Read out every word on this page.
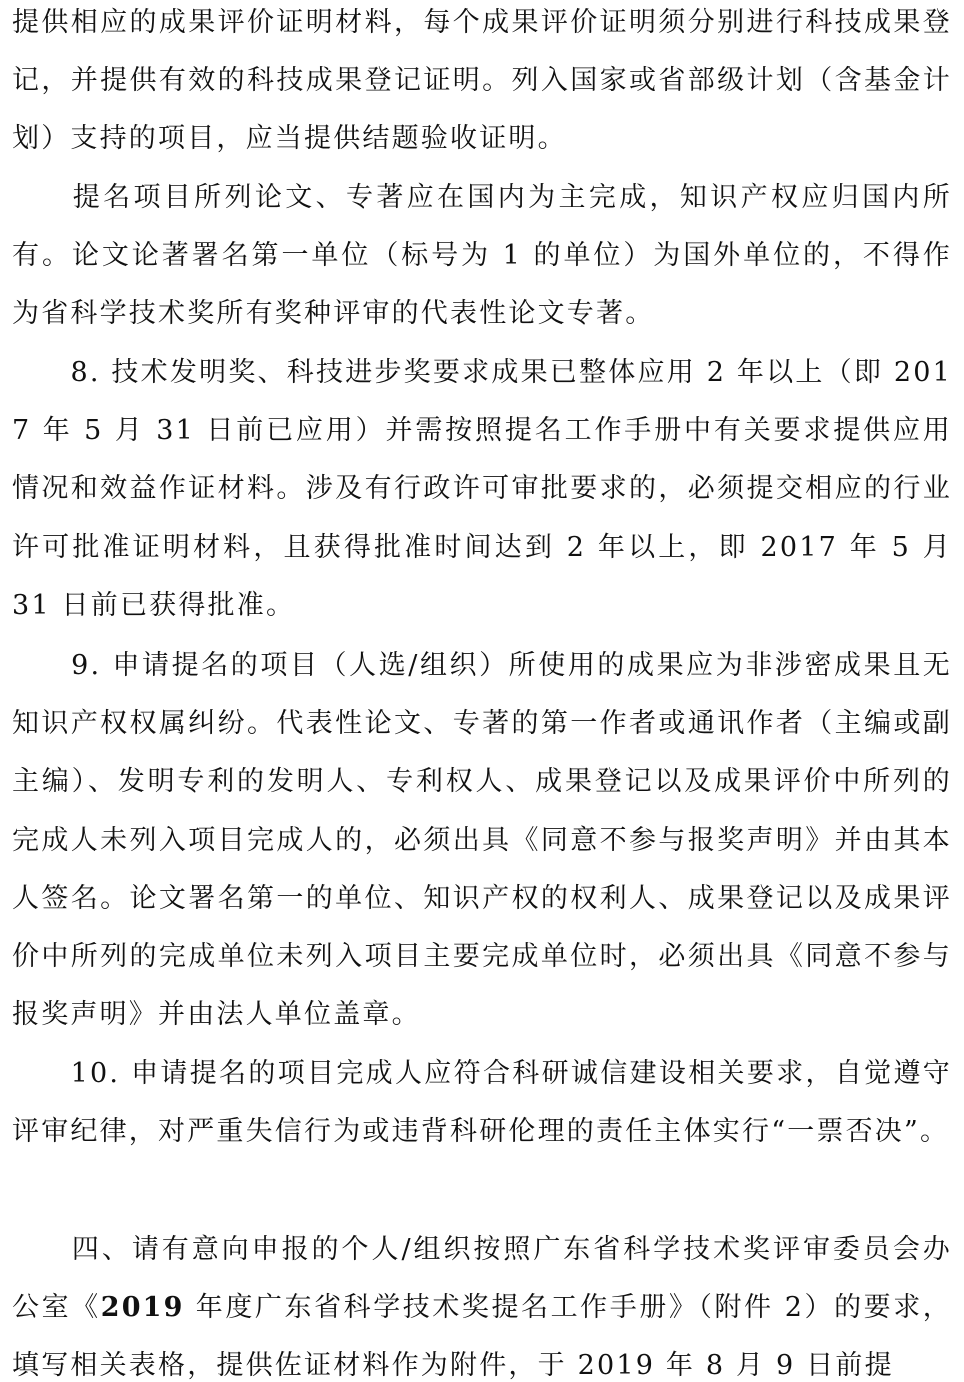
提供相应的成果评价证明材料，每个成果评价证明须分别进行科技成果登记，并提供有效的科技成果登记证明。列入国家或省部级计划（含基金计划）支持的项目，应当提供结题验收证明。

　　提名项目所列论文、专著应在国内为主完成，知识产权应归国内所有。论文论著署名第一单位（标号为 1 的单位）为国外单位的，不得作为省科学技术奖所有奖种评审的代表性论文专著。

　　8. 技术发明奖、科技进步奖要求成果已整体应用 2 年以上（即 2017 年 5 月 31 日前已应用）并需按照提名工作手册中有关要求提供应用情况和效益作证材料。涉及有行政许可审批要求的，必须提交相应的行业许可批准证明材料，且获得批准时间达到 2 年以上，即 2017 年 5 月 31 日前已获得批准。

　　9. 申请提名的项目（人选/组织）所使用的成果应为非涉密成果且无知识产权权属纠纷。代表性论文、专著的第一作者或通讯作者（主编或副主编）、发明专利的发明人、专利权人、成果登记以及成果评价中所列的完成人未列入项目完成人的，必须出具《同意不参与报奖声明》并由其本人签名。论文署名第一的单位、知识产权的权利人、成果登记以及成果评价中所列的完成单位未列入项目主要完成单位时，必须出具《同意不参与报奖声明》并由法人单位盖章。

　　10. 申请提名的项目完成人应符合科研诚信建设相关要求，自觉遵守评审纪律，对严重失信行为或违背科研伦理的责任主体实行“一票否决”。

　　四、请有意向申报的个人/组织按照广东省科学技术奖评审委员会办公室《2019 年度广东省科学技术奖提名工作手册》（附件 2）的要求，填写相关表格，提供佐证材料作为附件，于 2019 年 8 月 9 日前提
